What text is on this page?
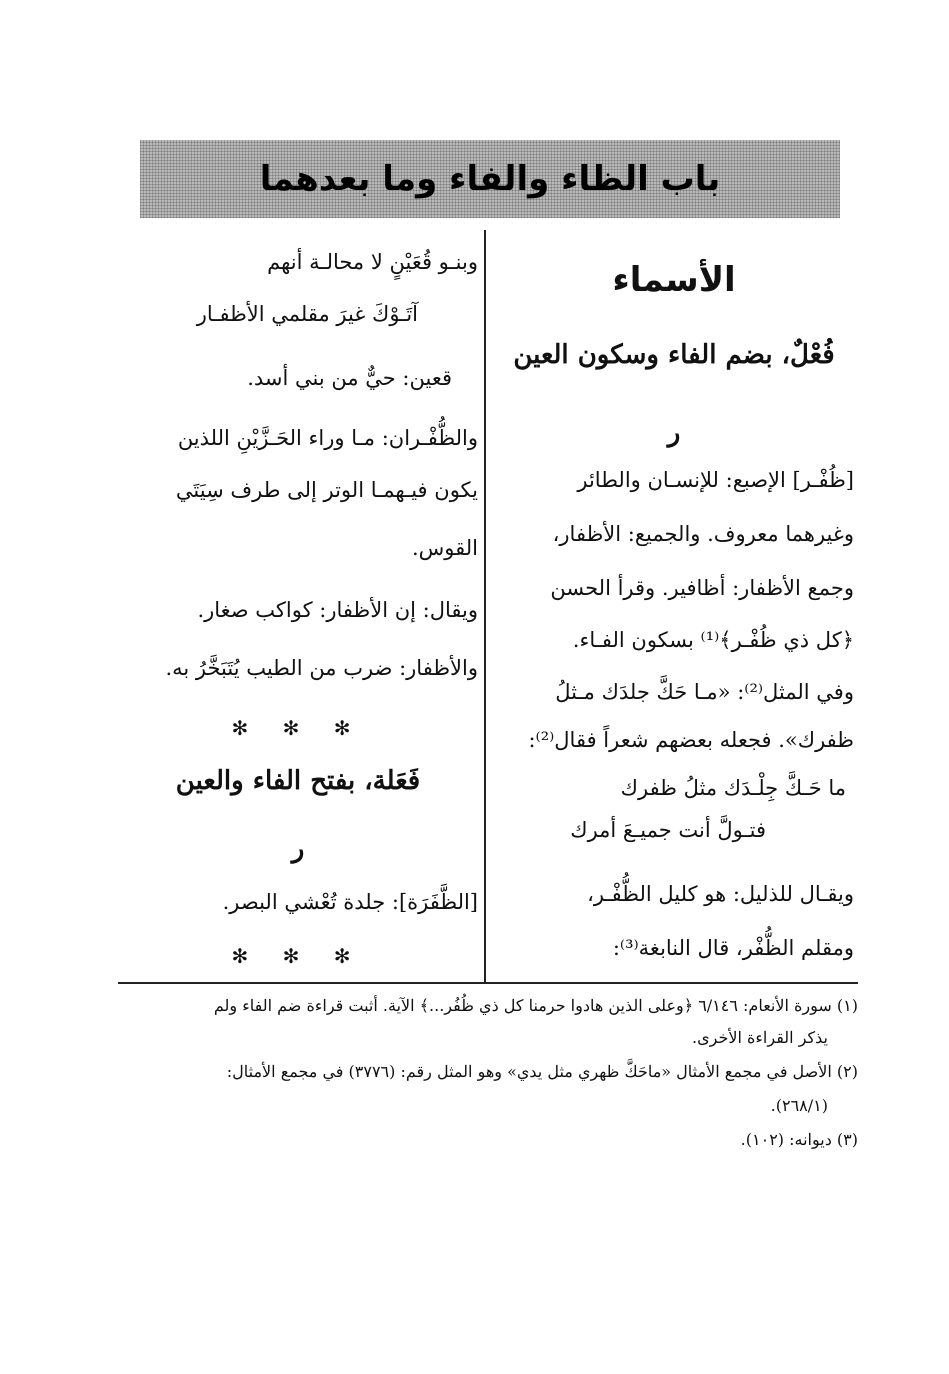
باب الظاء والفاء وما بعدهما
الأسماء
فُعْلٌ، بضم الفاء وسكون العين
ر
[ظُفْـر] الإصبع: للإنسـان والطائر
وغيرهما معروف. والجميع: الأظفار،
وجمع الأظفار: أظافير. وقرأ الحسن
﴿كل ذي ظُفْـر﴾⁽¹⁾ بسكون الفـاء.
وفي المثل⁽²⁾: «مـا حَكَّ جلدَك مـثلُ
ظفرك». فجعله بعضهم شعراً فقال⁽²⁾:
ما حَـكَّ جِلْـدَك مثلُ ظفرك
فتـولَّ أنت جميـعَ أمرك
ويقـال للذليل: هو كليل الظُّفْـر،
ومقلم الظُّفْر، قال النابغة⁽³⁾:
وبنـو قُعَيْنٍ لا محالـة أنهم
آتَـوْكَ غيرَ مقلمي الأظفـار
قعين: حيٌّ من بني أسد.
والظُّفْـران: مـا وراء الحَـزَّيْنِ اللذين
يكون فيـهمـا الوتر إلى طرف سِيَتَي
القوس.
ويقال: إن الأظفار: كواكب صغار.
والأظفار: ضرب من الطيب يُتَبَخَّرُ به.
✻ ✻ ✻
فَعَلة، بفتح الفاء والعين
ر
[الظَّفَرَة]: جلدة تُعْشي البصر.
✻ ✻ ✻
(١) سورة الأنعام: ٦/١٤٦ ﴿وعلى الذين هادوا حرمنا كل ذي ظُفُر...﴾ الآية. أثبت قراءة ضم الفاء ولم
يذكر القراءة الأخرى.
(٢) الأصل في مجمع الأمثال «ماحَكَّ ظهري مثل يدي» وهو المثل رقم: (٣٧٧٦) في مجمع الأمثال:
(٢٦٨/١).
(٣) ديوانه: (١٠٢).
